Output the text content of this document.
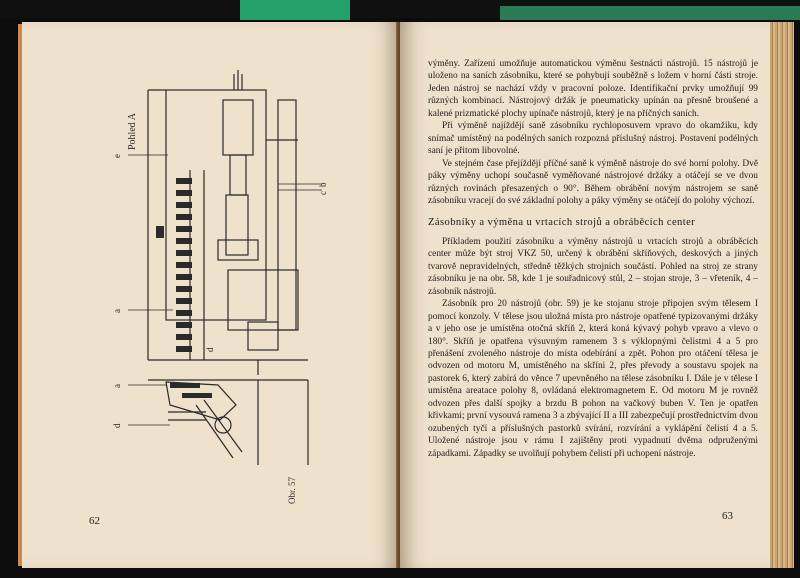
e
a
b
c
d
a
d
Pohled A
Obr. 57
62

výměny. Zařízení umožňuje automatickou výměnu šestnácti nástrojů. 15 nástrojů je uloženo na saních zásobníku, které se pohybují souběžně s ložem v horní části stroje. Jeden nástroj se nachází vždy v pracovní poloze. Identifikační prvky umožňují 99 různých kombinací. Nástrojový držák je pneumaticky upínán na přesně broušené a kalené prizmatické plochy upínače nástrojů, který je na příčných saních.

Při výměně najíždějí saně zásobníku rychloposuvem vpravo do okamžiku, kdy snímač umístěný na podélných saních rozpozná příslušný nástroj. Postavení podélných saní je přitom libovolné.

Ve stejném čase přejíždějí příčné saně k výměně nástroje do své horní polohy. Dvě páky výměny uchopí současně vyměňované nástrojové držáky a otáčejí se ve dvou různých rovinách přesazených o 90°. Během obrábění novým nástrojem se saně zásobníku vracejí do své základní polohy a páky výměny se otáčejí do polohy výchozí.

Zásobníky a výměna u vrtacích strojů a obráběcích center

Příkladem použití zásobníku a výměny nástrojů u vrtacích strojů a obráběcích center může být stroj VKZ 50, určený k obrábění skříňových, deskových a jiných tvarově nepravidelných, středně těžkých strojních součástí. Pohled na stroj ze strany zásobníku je na obr. 58, kde 1 je souřadnicový stůl, 2 – stojan stroje, 3 – vřeteník, 4 – zásobník nástrojů.

Zásobník pro 20 nástrojů (obr. 59) je ke stojanu stroje připojen svým tělesem I pomocí konzoly. V tělese jsou uložná místa pro nástroje opatřené typizovanými držáky a v jeho ose je umístěna otočná skříň 2, která koná kývavý pohyb vpravo a vlevo o 180°. Skříň je opatřena výsuvným ramenem 3 s výklopnými čelistmi 4 a 5 pro přenášení zvoleného nástroje do místa odebírání a zpět. Pohon pro otáčení tělesa je odvozen od motoru M, umístěného na skříni 2, přes převody a soustavu spojek na pastorek 6, který zabírá do věnce 7 upevněného na tělese zásobníku I. Dále je v tělese I umístěna areatace polohy 8, ovládaná elektromagnetem E. Od motoru M je rovněž odvozen přes další spojky a brzdu B pohon na vačkový buben V. Ten je opatřen křivkami; první vysouvá ramena 3 a zbývající II a III zabezpečují prostřednictvím dvou ozubených tyčí a příslušných pastorků svírání, rozvírání a vyklápění čelistí 4 a 5. Uložené nástroje jsou v rámu I zajištěny proti vypadnutí dvěma odpruženými západkami. Západky se uvolňují pohybem čelistí při uchopení nástroje.

63
